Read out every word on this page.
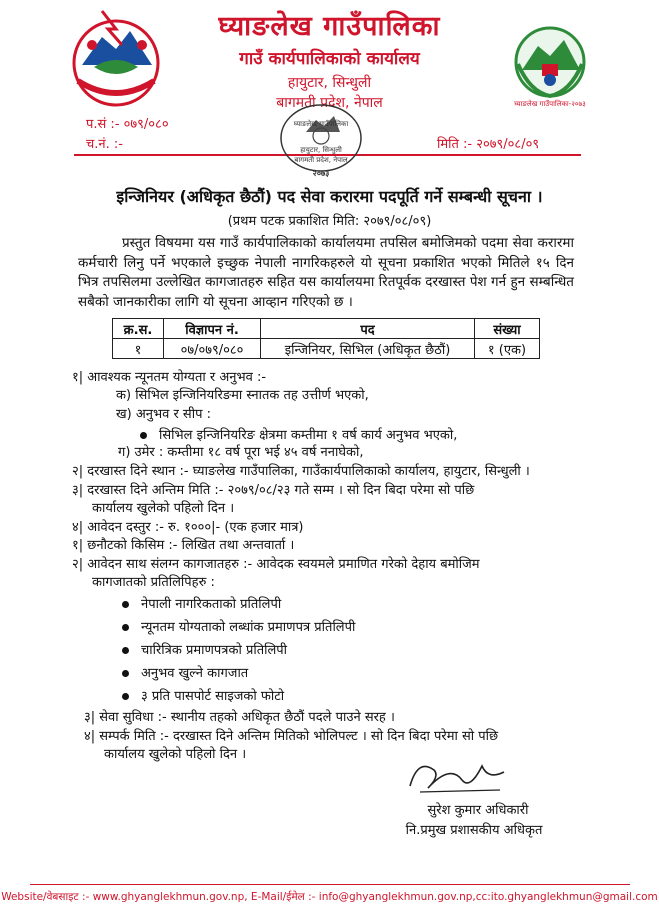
घ्याङलेख गाउँपालिका-२०७३
घ्याङलेख गाउँपालिका
गाउँ कार्यपालिकाको कार्यालय
हायुटार, सिन्धुली
बागमती प्रदेश, नेपाल
प.सं :- ०७९/०८०
च.नं. :-	मिति :- २०७९/०८/०९
घ्याङलेख गाउँपालिका
हायुटार, सिन्धुली
बागमती प्रदेश, नेपाल
२०७३
इन्जिनियर (अधिकृत छैठौं) पद सेवा करारमा पदपूर्ति गर्ने सम्बन्धी सूचना ।
(प्रथम पटक प्रकाशित मिति: २०७९/०८/०९)
प्रस्तुत विषयमा यस गाउँ कार्यपालिकाको कार्यालयमा तपसिल बमोजिमको पदमा सेवा करारमा कर्मचारी लिनु पर्ने भएकाले इच्छुक नेपाली नागरिकहरुले यो सूचना प्रकाशित भएको मितिले १५ दिन भित्र तपसिलमा उल्लेखित कागजातहरु सहित यस कार्यालयमा रितपूर्वक दरखास्त पेश गर्न हुन सम्बन्धित सबैको जानकारीका लागि यो सूचना आव्हान गरिएको छ ।
क्र.स.	विज्ञापन नं.	पद	संख्या
१	०७/०७९/०८०	इन्जिनियर, सिभिल (अधिकृत छैठौं)	१ (एक)
१| आवश्यक न्यूनतम योग्यता र अनुभव :-
क) सिभिल इन्जिनियरिङमा स्नातक तह उत्तीर्ण भएको,
ख) अनुभव र सीप :
सिभिल इन्जिनियरिङ क्षेत्रमा कम्तीमा १ वर्ष कार्य अनुभव भएको,
ग) उमेर : कम्तीमा १८ वर्ष पूरा भई ४५ वर्ष ननाघेको,
२| दरखास्त दिने स्थान :- घ्याङलेख गाउँपालिका, गाउँकार्यपालिकाको कार्यालय, हायुटार, सिन्धुली ।
३| दरखास्त दिने अन्तिम मिति :- २०७९/०८/२३ गते सम्म । सो दिन बिदा परेमा सो पछि
कार्यालय खुलेको पहिलो दिन ।
४| आवेदन दस्तुर :- रु. १०००|- (एक हजार मात्र)
१| छनौटको किसिम :- लिखित तथा अन्तवार्ता ।
२| आवेदन साथ संलग्न कागजातहरु :- आवेदक स्वयमले प्रमाणित गरेको देहाय बमोजिम
कागजातको प्रतिलिपिहरु :
नेपाली नागरिकताको प्रतिलिपी
न्यूनतम योग्यताको लब्धांक प्रमाणपत्र प्रतिलिपी
चारित्रिक प्रमाणपत्रको प्रतिलिपी
अनुभव खुल्ने कागजात
३ प्रति पासपोर्ट साइजको फोटो
३| सेवा सुविधा :- स्थानीय तहको अधिकृत छैठौं पदले पाउने सरह ।
४| सम्पर्क मिति :- दरखास्त दिने अन्तिम मितिको भोलिपल्ट । सो दिन बिदा परेमा सो पछि
कार्यालय खुलेको पहिलो दिन ।
सुरेश कुमार अधिकारी
नि.प्रमुख प्रशासकीय अधिकृत
Website/वेबसाइट :- www.ghyanglekhmun.gov.np, E-Mail/ईमेल :- info@ghyanglekhmun.gov.np,cc:ito.ghyanglekhmun@gmail.com
